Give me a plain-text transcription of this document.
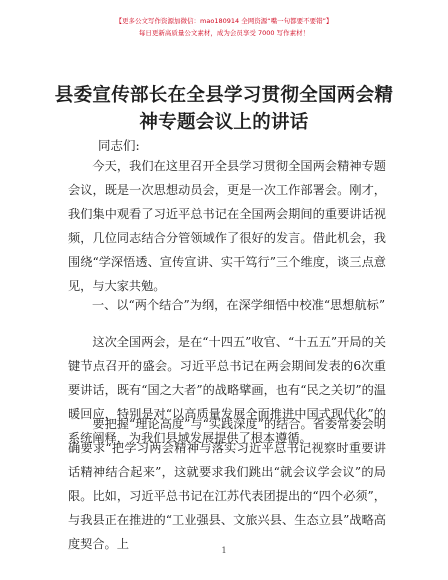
【更多公文写作资源加微信：mao180914 全网资源“嘴一句都要不要错”】
每日更新高质量公文素材，成为会员享受 7000 写作素材！
县委宣传部长在全县学习贯彻全国两会精神专题会议上的讲话
同志们:
今天，我们在这里召开全县学习贯彻全国两会精神专题会议，既是一次思想动员会，更是一次工作部署会。刚才，我们集中观看了习近平总书记在全国两会期间的重要讲话视频，几位同志结合分管领域作了很好的发言。借此机会，我围绕“学深悟透、宣传宣讲、实干笃行”三个维度，谈三点意见，与大家共勉。
一、以“两个结合”为纲，在深学细悟中校准“思想航标”
这次全国两会，是在“十四五”收官、“十五五”开局的关键节点召开的盛会。习近平总书记在两会期间发表的6次重要讲话，既有“国之大者”的战略擘画，也有“民之关切”的温暖回应，特别是对“以高质量发展全面推进中国式现代化”的系统阐释，为我们县域发展提供了根本遵循。
要把握“理论高度”与“实践深度”的结合。省委常委会明确要求“把学习两会精神与落实习近平总书记视察时重要讲话精神结合起来”，这就要求我们跳出“就会议学会议”的局限。比如，习近平总书记在江苏代表团提出的“四个必须”，与我县正在推进的“工业强县、文旅兴县、生态立县”战略高度契合。上	1
